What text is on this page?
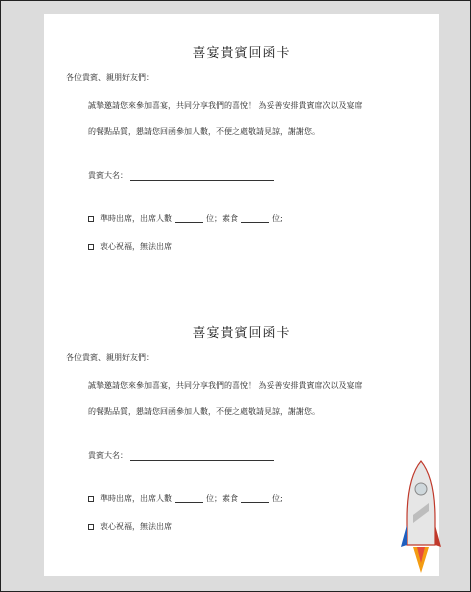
喜宴貴賓回函卡
各位貴賓、親朋好友們：
誠摯邀請您來參加喜宴，共同分享我們的喜悅！ 為妥善安排貴賓席次以及宴席
的餐點品質，懇請您回函參加人數，不便之處敬請見諒，謝謝您。
貴賓大名：
準時出席，出席人數	位；素食	位;
衷心祝福，無法出席
喜宴貴賓回函卡
各位貴賓、親朋好友們：
誠摯邀請您來參加喜宴，共同分享我們的喜悅！ 為妥善安排貴賓席次以及宴席
的餐點品質，懇請您回函參加人數，不便之處敬請見諒，謝謝您。
貴賓大名：
準時出席，出席人數	位；素食	位;
衷心祝福，無法出席
